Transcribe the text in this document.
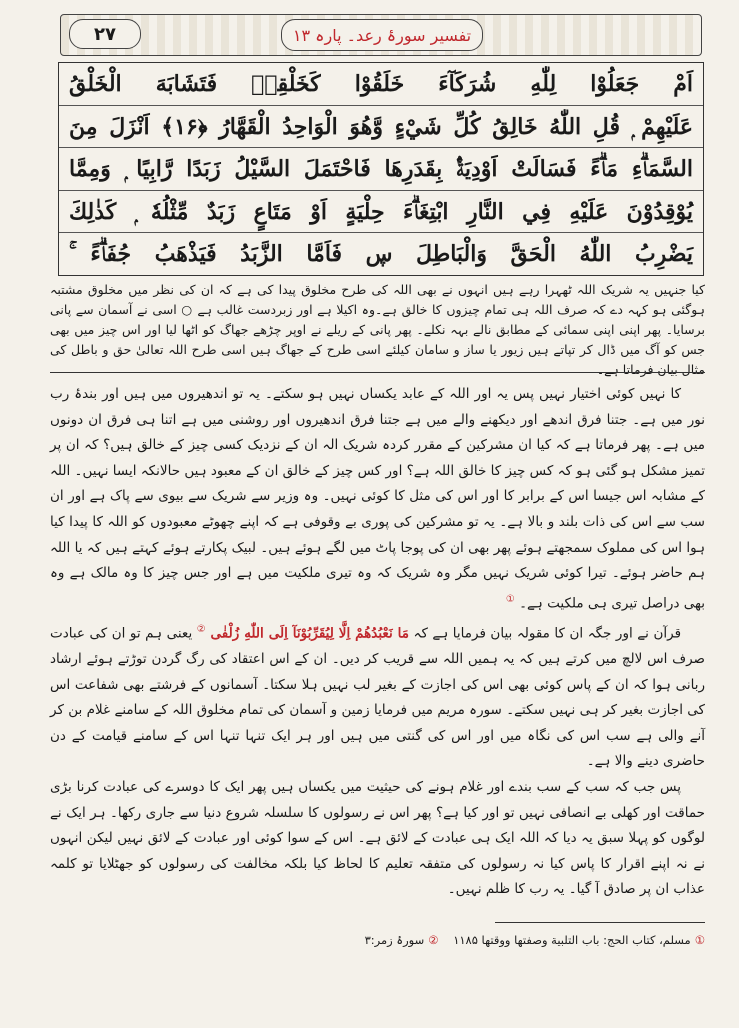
۲۷	تفسیر سورۂ رعد۔ پارہ ۱۳
اَمْ جَعَلُوْا لِلّٰهِ شُرَكَآءَ خَلَقُوْا كَخَلْقِهٖ فَتَشَابَهَ الْخَلْقُ
عَلَيْهِمْ ۭ قُلِ اللّٰهُ خَالِقُ كُلِّ شَيْءٍ وَّهُوَ الْوَاحِدُ الْقَهَّارُ ﴿۱۶﴾ اَنْزَلَ مِنَ
السَّمَاۗءِ مَاۗءً فَسَالَتْ اَوْدِيَةٌۢ بِقَدَرِهَا فَاحْتَمَلَ السَّيْلُ زَبَدًا رَّابِيًا ۭ وَمِمَّا
يُوْقِدُوْنَ عَلَيْهِ فِي النَّارِ ابْتِغَاۗءَ حِلْيَةٍ اَوْ مَتَاعٍ زَبَدٌ مِّثْلُهٗ ۭ كَذٰلِكَ
يَضْرِبُ اللّٰهُ الْحَقَّ وَالْبَاطِلَ ڛ فَاَمَّا الزَّبَدُ فَيَذْهَبُ جُفَاۗءً ۚ
کیا جنہیں یہ شریک اللہ ٹھہرا رہے ہیں انہوں نے بھی اللہ کی طرح مخلوق پیدا کی ہے کہ ان کی نظر میں مخلوق مشتبہ ہوگئی ہو کہہ دے کہ صرف اللہ ہی تمام چیزوں کا خالق ہے۔وہ اکیلا ہے اور زبردست غالب ہے ○ اسی نے آسمان سے پانی برسایا۔ پھر اپنی اپنی سمائی کے مطابق نالے بہہ نکلے۔ پھر پانی کے ریلے نے اوپر چڑھے جھاگ کو اٹھا لیا اور اس چیز میں بھی جس کو آگ میں ڈال کر تپاتے ہیں زیور یا ساز و سامان کیلئے اسی طرح کے جھاگ ہیں اسی طرح اللہ تعالیٰ حق و باطل کی مثال بیان فرماتا ہے۔

کا نہیں کوئی اختیار نہیں پس یہ اور اللہ کے عابد یکساں نہیں ہو سکتے۔ یہ تو اندھیروں میں ہیں اور بندۂ رب نور میں ہے۔ جتنا فرق اندھے اور دیکھنے والے میں ہے جتنا فرق اندھیروں اور روشنی میں ہے اتنا ہی فرق ان دونوں میں ہے۔ پھر فرماتا ہے کہ کیا ان مشرکین کے مقرر کردہ شریک الہ ان کے نزدیک کسی چیز کے خالق ہیں؟ کہ ان پر تمیز مشکل ہو گئی ہو کہ کس چیز کا خالق اللہ ہے؟ اور کس چیز کے خالق ان کے معبود ہیں حالانکہ ایسا نہیں۔ اللہ کے مشابہ اس جیسا اس کے برابر کا اور اس کی مثل کا کوئی نہیں۔ وہ وزیر سے شریک سے بیوی سے پاک ہے اور ان سب سے اس کی ذات بلند و بالا ہے۔ یہ تو مشرکین کی پوری بے وقوفی ہے کہ اپنے چھوٹے معبودوں کو اللہ کا پیدا کیا ہوا اس کی مملوک سمجھتے ہوئے پھر بھی ان کی پوجا پاٹ میں لگے ہوئے ہیں۔ لبیک پکارتے ہوئے کہتے ہیں کہ یا اللہ ہم حاضر ہوئے۔ تیرا کوئی شریک نہیں مگر وہ شریک کہ وہ تیری ملکیت میں ہے اور جس چیز کا وہ مالک ہے وہ بھی دراصل تیری ہی ملکیت ہے۔ ①

قرآن نے اور جگہ ان کا مقولہ بیان فرمایا ہے کہ مَا نَعْبُدُهُمْ اِلَّا لِيُقَرِّبُوْنَآ اِلَى اللّٰهِ زُلْفٰى ② یعنی ہم تو ان کی عبادت صرف اس لالچ میں کرتے ہیں کہ یہ ہمیں اللہ سے قریب کر دیں۔ ان کے اس اعتقاد کی رگ گردن توڑتے ہوئے ارشاد ربانی ہوا کہ ان کے پاس کوئی بھی اس کی اجازت کے بغیر لب نہیں ہلا سکتا۔ آسمانوں کے فرشتے بھی شفاعت اس کی اجازت بغیر کر ہی نہیں سکتے۔ سورہ مریم میں فرمایا زمین و آسمان کی تمام مخلوق اللہ کے سامنے غلام بن کر آنے والی ہے سب اس کی نگاہ میں اور اس کی گنتی میں ہیں اور ہر ایک تنہا تنہا اس کے سامنے قیامت کے دن حاضری دینے والا ہے۔

پس جب کہ سب کے سب بندے اور غلام ہونے کی حیثیت میں یکساں ہیں پھر ایک کا دوسرے کی عبادت کرنا بڑی حماقت اور کھلی بے انصافی نہیں تو اور کیا ہے؟ پھر اس نے رسولوں کا سلسلہ شروع دنیا سے جاری رکھا۔ ہر ایک نے لوگوں کو پہلا سبق یہ دیا کہ اللہ ایک ہی عبادت کے لائق ہے۔ اس کے سوا کوئی اور عبادت کے لائق نہیں لیکن انہوں نے نہ اپنے اقرار کا پاس کیا نہ رسولوں کی متفقہ تعلیم کا لحاظ کیا بلکہ مخالفت کی رسولوں کو جھٹلایا تو کلمہ عذاب ان پر صادق آ گیا۔ یہ رب کا ظلم نہیں۔

①مسلم، کتاب الحج: باب التلبية وصفتها ووقتها ۱۱۸۵    ②سورۂ زمر:۳
